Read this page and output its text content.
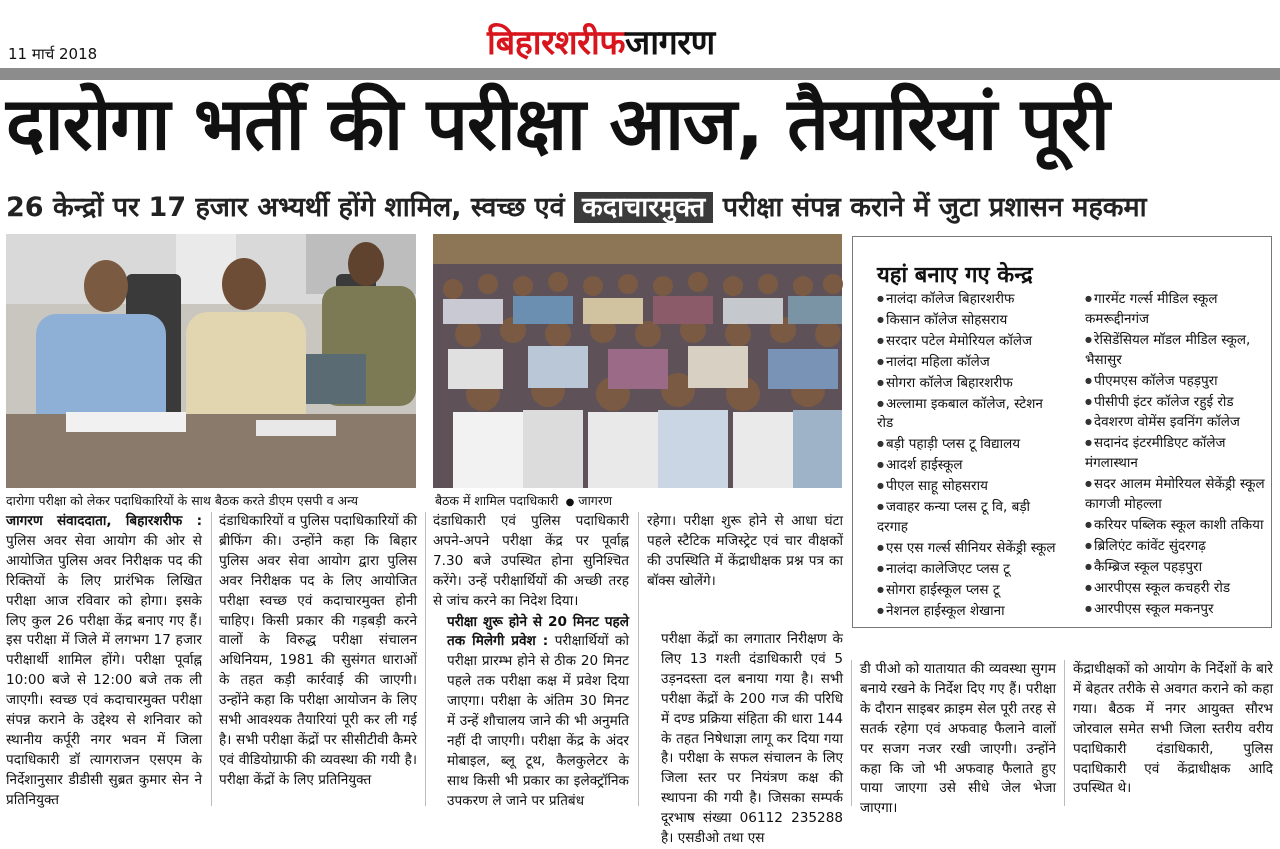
11 मार्च 2018	बिहारशरीफजागरण
दारोगा भर्ती की परीक्षा आज, तैयारियां पूरी
26 केन्द्रों पर 17 हजार अभ्यर्थी होंगे शामिल, स्वच्छ एवं कदाचारमुक्त परीक्षा संपन्न कराने में जुटा प्रशासन महकमा
दारोगा परीक्षा को लेकर पदाधिकारियों के साथ बैठक करते डीएम एसपी व अन्य	बैठक में शामिल पदाधिकारी  ● जागरण
यहां बनाए गए केन्द्र
● नालंदा कॉलेज बिहारशरीफ
● किसान कॉलेज सोहसराय
● सरदार पटेल मेमोरियल कॉलेज
● नालंदा महिला कॉलेज
● सोगरा कॉलेज बिहारशरीफ
● अल्लामा इकबाल कॉलेज, स्टेशन रोड
● बड़ी पहाड़ी प्लस टू विद्यालय
● आदर्श हाईस्कूल
● पीएल साहू सोहसराय
● जवाहर कन्या प्लस टू वि, बड़ी दरगाह
● एस एस गर्ल्स सीनियर सेकेंड्री स्कूल
● नालंदा कालेजिएट प्लस टू
● सोगरा हाईस्कूल प्लस टू
● नेशनल हाईस्कूल शेखाना
● गारमेंट गर्ल्स मीडिल स्कूल कमरूद्दीनगंज
● रेसिडेंसियल मॉडल मीडिल स्कूल, भैसासुर
● पीएमएस कॉलेज पहड़पुरा
● पीसीपी इंटर कॉलेज रहुई रोड
● देवशरण वोमेंस इवनिंग कॉलेज
● सदानंद इंटरमीडिएट कॉलेज मंगलास्थान
● सदर आलम मेमोरियल सेकेंड्री स्कूल कागजी मोहल्ला
● करियर पब्लिक स्कूल काशी तकिया
● ब्रिलिएंट कांवेंट सुंदरगढ़
● कैम्ब्रिज स्कूल पहड़पुरा
● आरपीएस स्कूल कचहरी रोड
● आरपीएस स्कूल मकनपुर

जागरण संवाददाता, बिहारशरीफ : पुलिस अवर सेवा आयोग की ओर से आयोजित पुलिस अवर निरीक्षक पद की रिक्तियों के लिए प्रारंभिक लिखित परीक्षा आज रविवार को होगा। इसके लिए कुल 26 परीक्षा केंद्र बनाए गए हैं। इस परीक्षा में जिले में लगभग 17 हजार परीक्षार्थी शामिल होंगे। परीक्षा पूर्वाह्न 10:00 बजे से 12:00 बजे तक ली जाएगी। स्वच्छ एवं कदाचारमुक्त परीक्षा संपन्न कराने के उद्देश्य से शनिवार को स्थानीय कर्पूरी नगर भवन में जिला पदाधिकारी डॉ त्यागराजन एसएम के निर्देशानुसार डीडीसी सुब्रत कुमार सेन ने प्रतिनियुक्त

दंडाधिकारियों व पुलिस पदाधिकारियों की ब्रीफिंग की। उन्होंने कहा कि बिहार पुलिस अवर सेवा आयोग द्वारा पुलिस अवर निरीक्षक पद के लिए आयोजित परीक्षा स्वच्छ एवं कदाचारमुक्त होनी चाहिए। किसी प्रकार की गड़बड़ी करने वालों के विरुद्ध परीक्षा संचालन अधिनियम, 1981 की सुसंगत धाराओं के तहत कड़ी कार्रवाई की जाएगी। उन्होंने कहा कि परीक्षा आयोजन के लिए सभी आवश्यक तैयारियां पूरी कर ली गई है। सभी परीक्षा केंद्रों पर सीसीटीवी कैमरे एवं वीडियोग्राफी की व्यवस्था की गयी है। परीक्षा केंद्रों के लिए प्रतिनियुक्त

दंडाधिकारी एवं पुलिस पदाधिकारी अपने-अपने परीक्षा केंद्र पर पूर्वाह्न 7.30 बजे उपस्थित होना सुनिश्चित करेंगे। उन्हें परीक्षार्थियों की अच्छी तरह से जांच करने का निदेश दिया।

परीक्षा शुरू होने से 20 मिनट पहले तक मिलेगी प्रवेश : परीक्षार्थियों को परीक्षा प्रारम्भ होने से ठीक 20 मिनट पहले तक परीक्षा कक्ष में प्रवेश दिया जाएगा। परीक्षा के अंतिम 30 मिनट में उन्हें शौचालय जाने की भी अनुमति नहीं दी जाएगी। परीक्षा केंद्र के अंदर मोबाइल, ब्लू टूथ, कैलकुलेटर के साथ किसी भी प्रकार का इलेक्ट्रॉनिक उपकरण ले जाने पर प्रतिबंध

रहेगा। परीक्षा शुरू होने से आधा घंटा पहले स्टैटिक मजिस्ट्रेट एवं चार वीक्षकों की उपस्थिति में केंद्राधीक्षक प्रश्न पत्र का बॉक्स खोलेंगे।

परीक्षा केंद्रों का लगातार निरीक्षण के लिए 13 गश्ती दंडाधिकारी एवं 5 उड़नदस्ता दल बनाया गया है। सभी परीक्षा केंद्रों के 200 गज की परिधि में दण्ड प्रक्रिया संहिता की धारा 144 के तहत निषेधाज्ञा लागू कर दिया गया है। परीक्षा के सफल संचालन के लिए जिला स्तर पर नियंत्रण कक्ष की स्थापना की गयी है। जिसका सम्पर्क दूरभाष संख्या 06112 235288 है। एसडीओ तथा एस

डी पीओ को यातायात की व्यवस्था सुगम बनाये रखने के निर्देश दिए गए हैं। परीक्षा के दौरान साइबर क्राइम सेल पूरी तरह से सतर्क रहेगा एवं अफवाह फैलाने वालों पर सजग नजर रखी जाएगी। उन्होंने कहा कि जो भी अफवाह फैलाते हुए पाया जाएगा उसे सीधे जेल भेजा जाएगा।

केंद्राधीक्षकों को आयोग के निर्देशों के बारे में बेहतर तरीके से अवगत कराने को कहा गया। बैठक में नगर आयुक्त सौरभ जोरवाल समेत सभी जिला स्तरीय वरीय पदाधिकारी दंडाधिकारी, पुलिस पदाधिकारी एवं केंद्राधीक्षक आदि उपस्थित थे।
